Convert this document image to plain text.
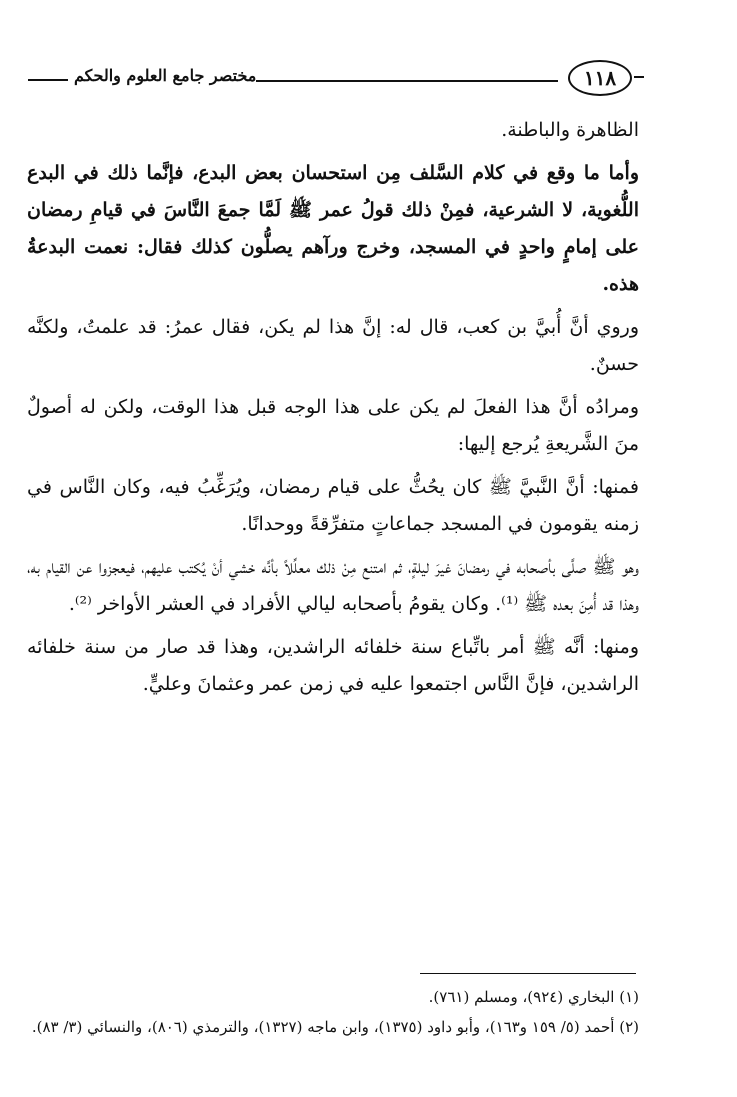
١١٨
مختصر جامع العلوم والحكم

الظاهرة والباطنة.

وأما ما وقع في كلام السَّلف مِن استحسان بعض البدع، فإنَّما ذلك في البدع اللُّغوية، لا الشرعية، فمِنْ ذلك قولُ عمر ﷺ لَمَّا جمعَ النَّاسَ في قيامِ رمضان على إمامٍ واحدٍ في المسجد، وخرج ورآهم يصلُّون كذلك فقال: نعمت البدعةُ هذه.

وروي أنَّ أُبيَّ بن كعب، قال له: إنَّ هذا لم يكن، فقال عمرُ: قد علمتُ، ولكنَّه حسنٌ.

ومرادُه أنَّ هذا الفعلَ لم يكن على هذا الوجه قبل هذا الوقت، ولكن له أصولٌ منَ الشَّريعةِ يُرجع إليها:

فمنها: أنَّ النَّبيَّ ﷺ كان يحُثُّ على قيام رمضان، ويُرَغِّبُ فيه، وكان النَّاس في زمنه يقومون في المسجد جماعاتٍ متفرِّقةً ووحدانًا.

وهو ﷺ صلَّى بأصحابه في رمضانَ غيرَ ليلةٍ، ثم امتنع مِنْ ذلك معلِّلاً بأنَّه خشي أنْ يُكتب عليهم، فيعجزوا عن القيام به، وهذا قد أُمِنَ بعده ﷺ ⁽¹⁾. وكان يقومُ بأصحابه ليالي الأفراد في العشر الأواخر ⁽²⁾.

ومنها: أنَّه ﷺ أمر باتِّباع سنة خلفائه الراشدين، وهذا قد صار من سنة خلفائه الراشدين، فإنَّ النَّاس اجتمعوا عليه في زمن عمر وعثمانَ وعليٍّ.

(١) البخاري (٩٢٤)، ومسلم (٧٦١).

(٢) أحمد (٥/ ١٥٩ و١٦٣)، وأبو داود (١٣٧٥)، وابن ماجه (١٣٢٧)، والترمذي (٨٠٦)، والنسائي (٣/ ٨٣).
